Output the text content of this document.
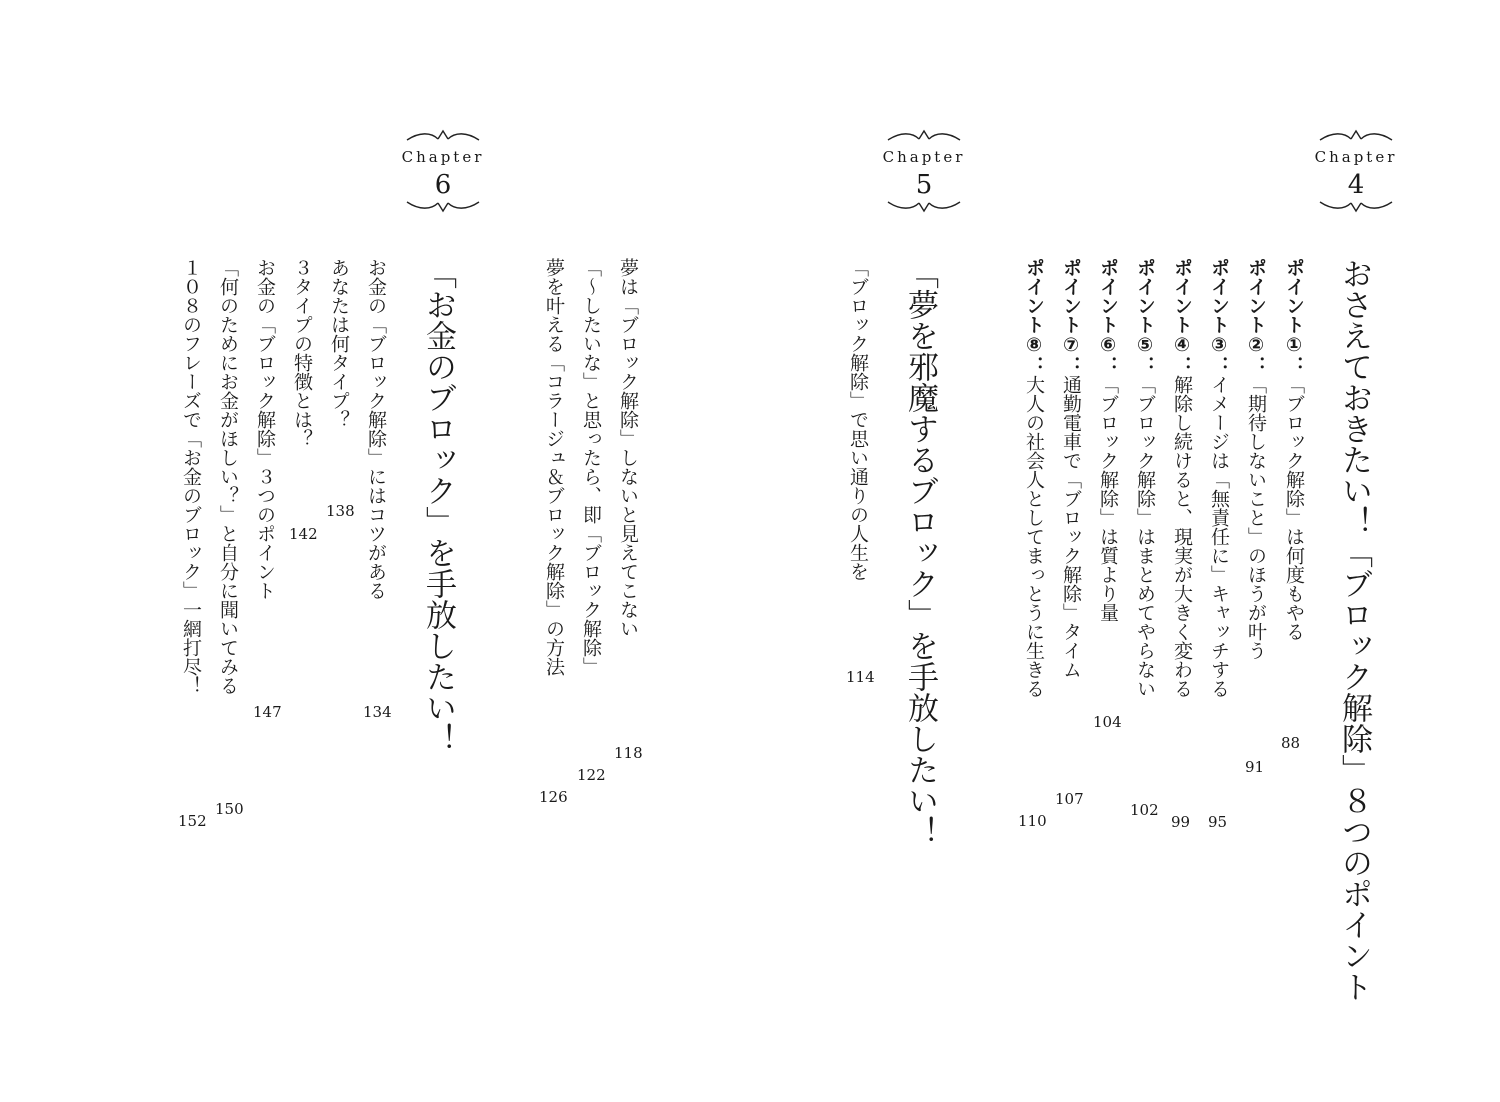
Chapter
4
Chapter
5
Chapter
6
おさえておきたい！「ブロック解除」８つのポイント
ポイント①：「ブロック解除」は何度もやる
ポイント②：「期待しないこと」のほうが叶う
ポイント③：イメージは「無責任に」キャッチする
ポイント④：解除し続けると、現実が大きく変わる
ポイント⑤：「ブロック解除」はまとめてやらない
ポイント⑥：「ブロック解除」は質より量
ポイント⑦：通勤電車で「ブロック解除」タイム
ポイント⑧：大人の社会人としてまっとうに生きる
88
91
95
99
102
104
107
110
「夢を邪魔するブロック」を手放したい！
「ブロック解除」で思い通りの人生を
夢は「ブロック解除」しないと見えてこない
「〜したいな」と思ったら、即「ブロック解除」
夢を叶える「コラージュ＆ブロック解除」の方法
114
118
122
126
「お金のブロック」を手放したい！
お金の「ブロック解除」にはコツがある
あなたは何タイプ？
３タイプの特徴とは？
お金の「ブロック解除」３つのポイント
「何のためにお金がほしい？」と自分に聞いてみる
１０８のフレーズで「お金のブロック」一網打尽！
134
138
142
147
150
152
